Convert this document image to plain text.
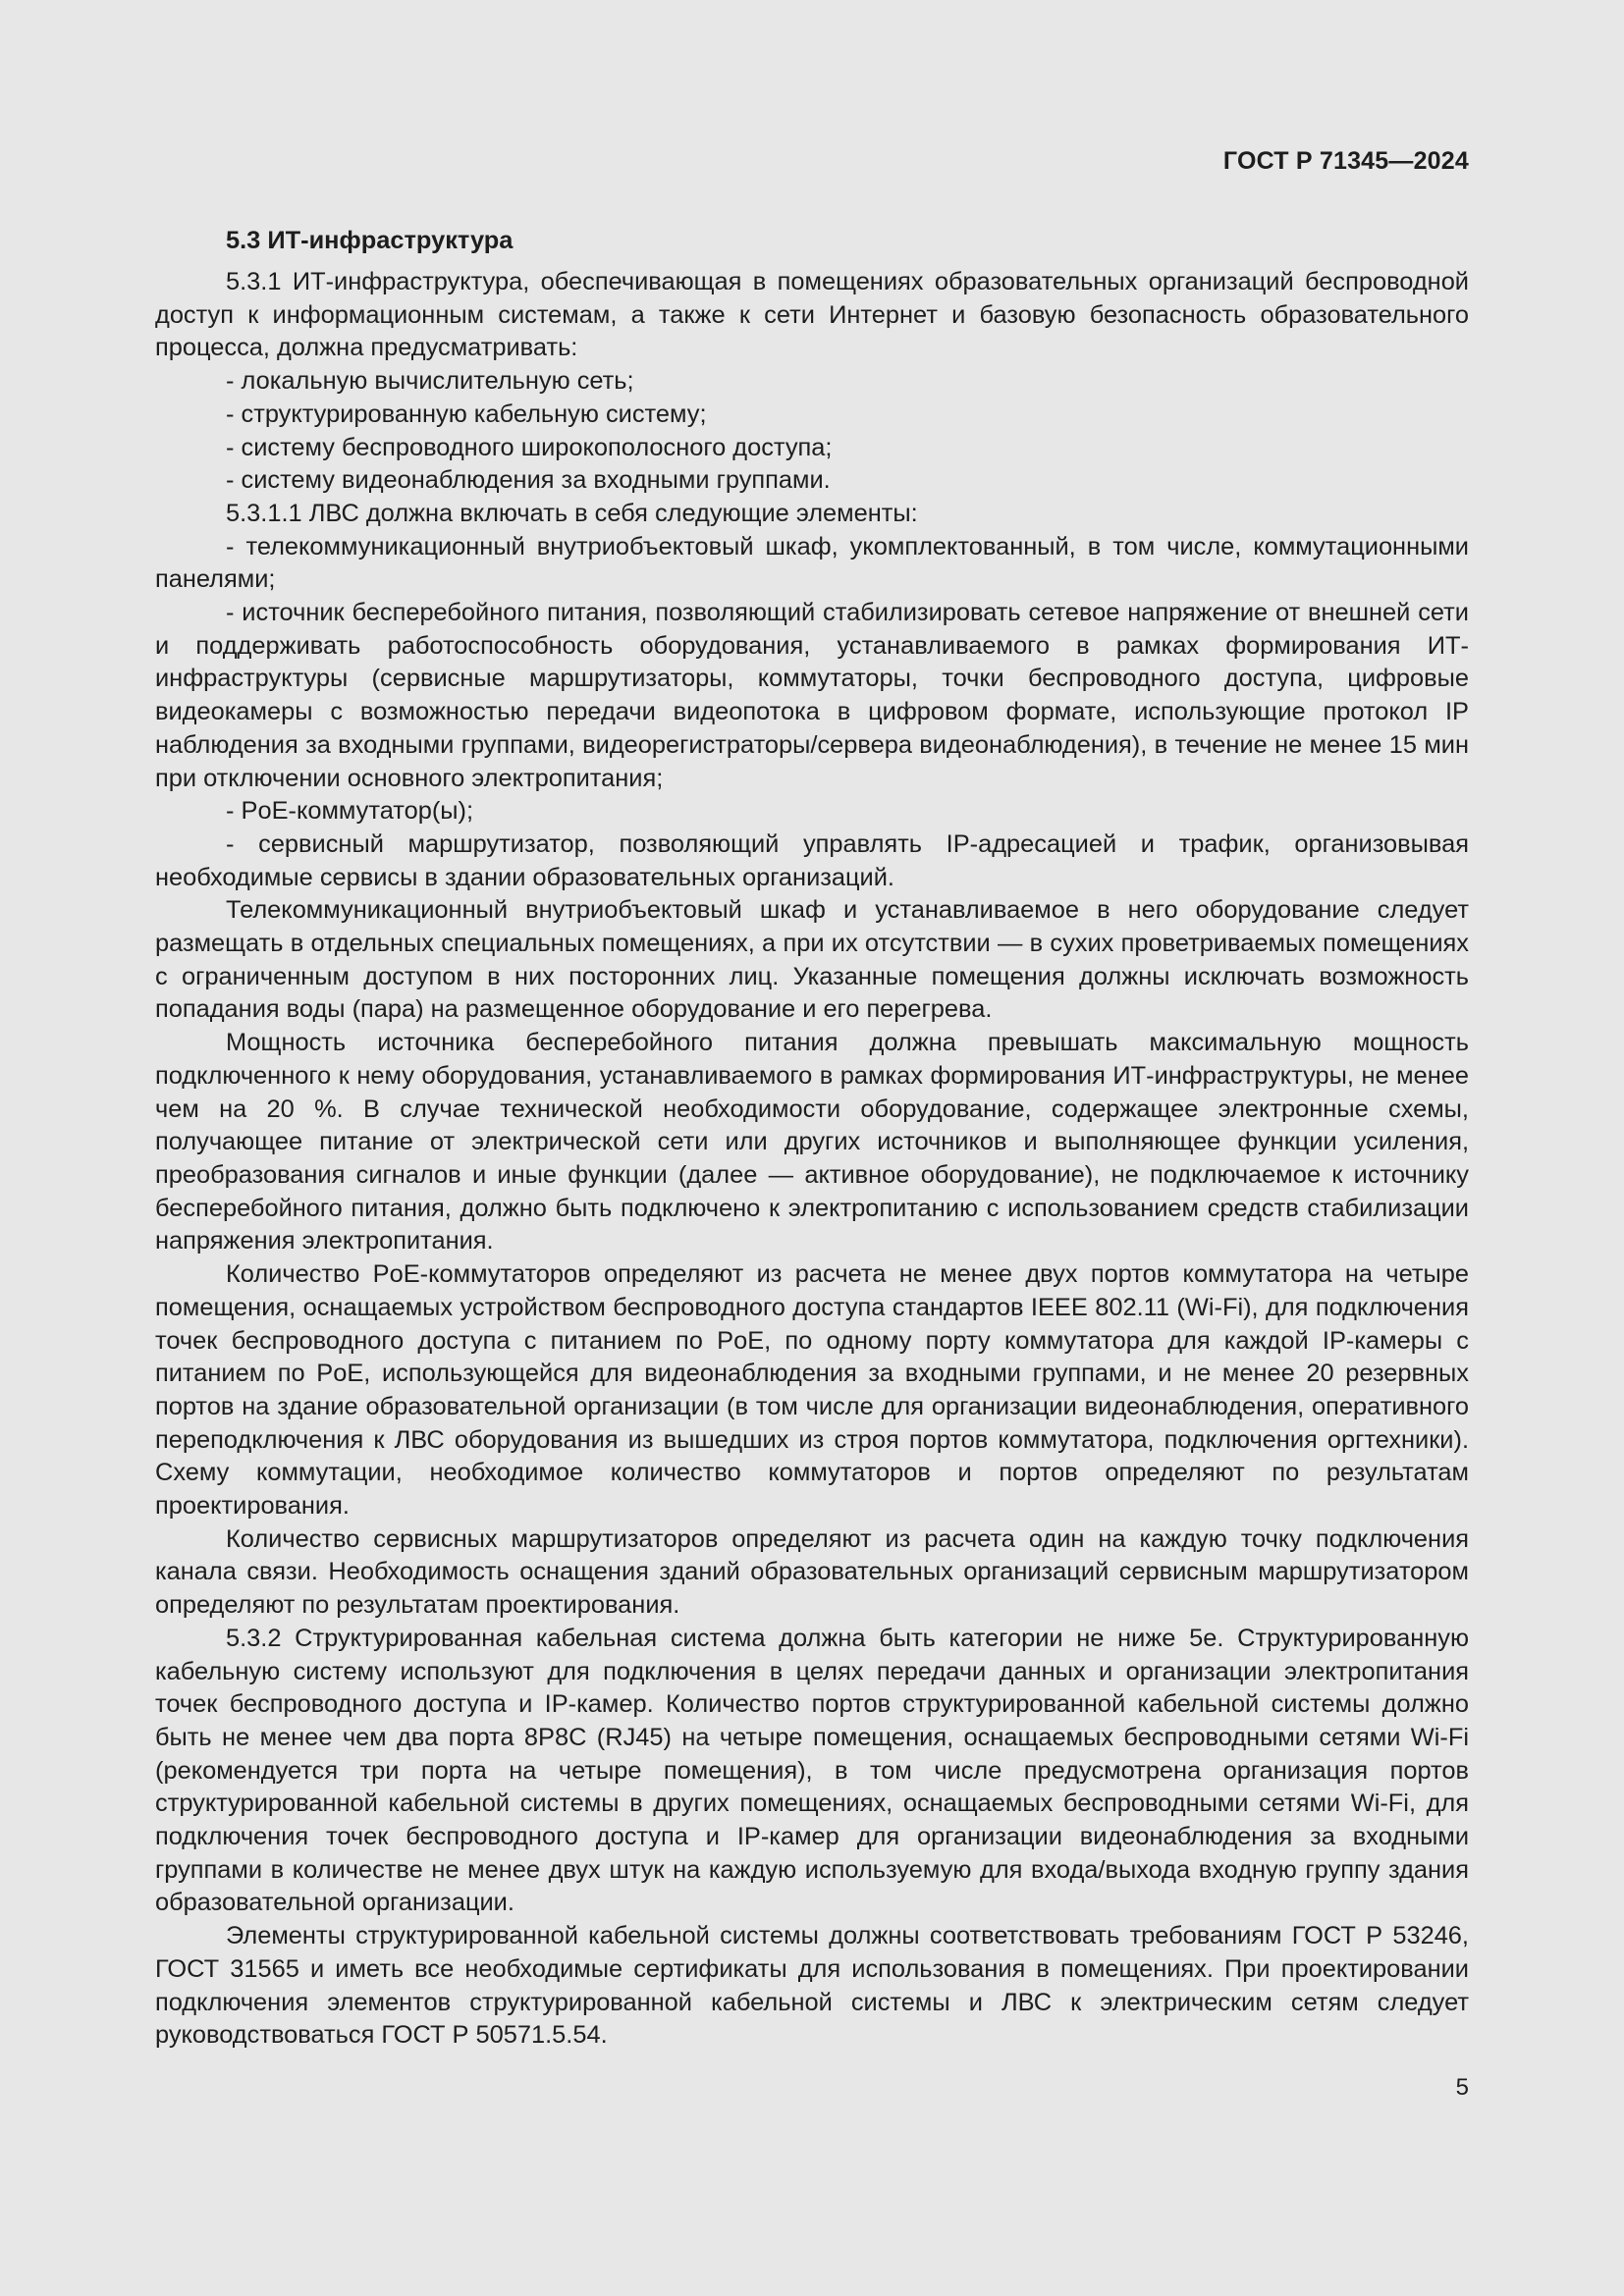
ГОСТ Р 71345—2024
5.3 ИТ-инфраструктура

5.3.1 ИТ-инфраструктура, обеспечивающая в помещениях образовательных организаций беспроводной доступ к информационным системам, а также к сети Интернет и базовую безопасность образовательного процесса, должна предусматривать:

- локальную вычислительную сеть;

- структурированную кабельную систему;

- систему беспроводного широкополосного доступа;

- систему видеонаблюдения за входными группами.

5.3.1.1 ЛВС должна включать в себя следующие элементы:

- телекоммуникационный внутриобъектовый шкаф, укомплектованный, в том числе, коммутационными панелями;

- источник бесперебойного питания, позволяющий стабилизировать сетевое напряжение от внешней сети и поддерживать работоспособность оборудования, устанавливаемого в рамках формирования ИТ-инфраструктуры (сервисные маршрутизаторы, коммутаторы, точки беспроводного доступа, цифровые видеокамеры с возможностью передачи видеопотока в цифровом формате, использующие протокол IP наблюдения за входными группами, видеорегистраторы/сервера видеонаблюдения), в течение не менее 15 мин при отключении основного электропитания;

- PoE-коммутатор(ы);

- сервисный маршрутизатор, позволяющий управлять IP-адресацией и трафик, организовывая необходимые сервисы в здании образовательных организаций.

Телекоммуникационный внутриобъектовый шкаф и устанавливаемое в него оборудование следует размещать в отдельных специальных помещениях, а при их отсутствии — в сухих проветриваемых помещениях с ограниченным доступом в них посторонних лиц. Указанные помещения должны исключать возможность попадания воды (пара) на размещенное оборудование и его перегрева.

Мощность источника бесперебойного питания должна превышать максимальную мощность подключенного к нему оборудования, устанавливаемого в рамках формирования ИТ-инфраструктуры, не менее чем на 20 %. В случае технической необходимости оборудование, содержащее электронные схемы, получающее питание от электрической сети или других источников и выполняющее функции усиления, преобразования сигналов и иные функции (далее — активное оборудование), не подключаемое к источнику бесперебойного питания, должно быть подключено к электропитанию с использованием средств стабилизации напряжения электропитания.

Количество PoE-коммутаторов определяют из расчета не менее двух портов коммутатора на четыре помещения, оснащаемых устройством беспроводного доступа стандартов IEEE 802.11 (Wi-Fi), для подключения точек беспроводного доступа с питанием по PoE, по одному порту коммутатора для каждой IP-камеры с питанием по PoE, использующейся для видеонаблюдения за входными группами, и не менее 20 резервных портов на здание образовательной организации (в том числе для организации видеонаблюдения, оперативного переподключения к ЛВС оборудования из вышедших из строя портов коммутатора, подключения оргтехники). Схему коммутации, необходимое количество коммутаторов и портов определяют по результатам проектирования.

Количество сервисных маршрутизаторов определяют из расчета один на каждую точку подключения канала связи. Необходимость оснащения зданий образовательных организаций сервисным маршрутизатором определяют по результатам проектирования.

5.3.2 Структурированная кабельная система должна быть категории не ниже 5е. Структурированную кабельную систему используют для подключения в целях передачи данных и организации электропитания точек беспроводного доступа и IP-камер. Количество портов структурированной кабельной системы должно быть не менее чем два порта 8P8C (RJ45) на четыре помещения, оснащаемых беспроводными сетями Wi-Fi (рекомендуется три порта на четыре помещения), в том числе предусмотрена организация портов структурированной кабельной системы в других помещениях, оснащаемых беспроводными сетями Wi-Fi, для подключения точек беспроводного доступа и IP-камер для организации видеонаблюдения за входными группами в количестве не менее двух штук на каждую используемую для входа/выхода входную группу здания образовательной организации.

Элементы структурированной кабельной системы должны соответствовать требованиям ГОСТ Р 53246, ГОСТ 31565 и иметь все необходимые сертификаты для использования в помещениях. При проектировании подключения элементов структурированной кабельной системы и ЛВС к электрическим сетям следует руководствоваться ГОСТ Р 50571.5.54.

5
